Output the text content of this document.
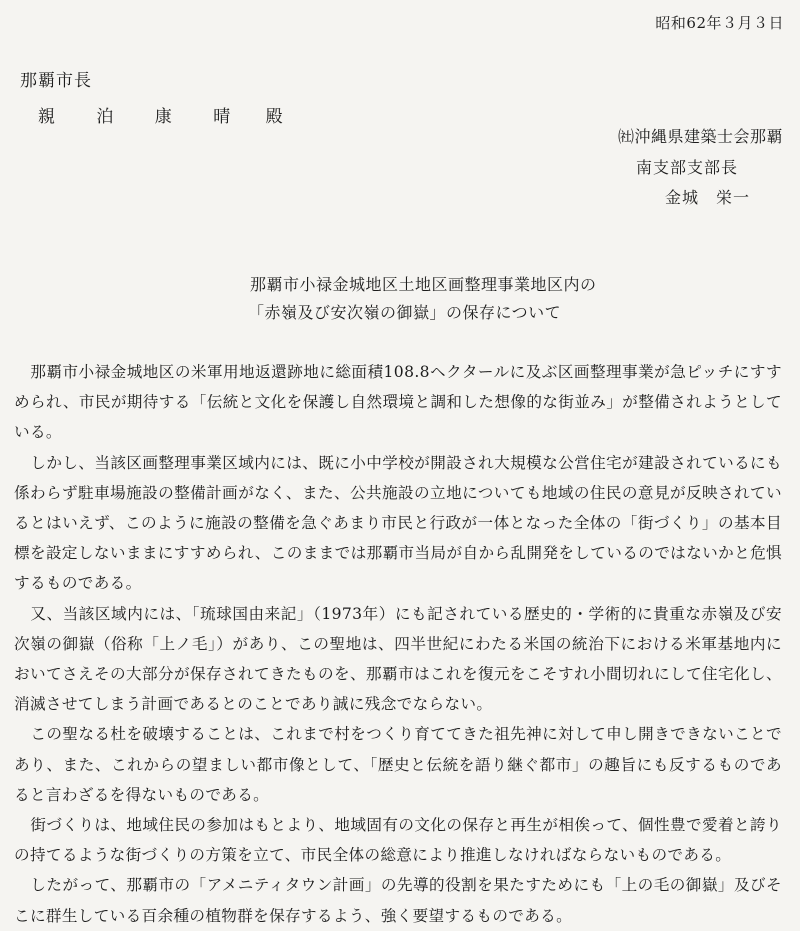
昭和62年３月３日
那覇市長
親 泊 康 晴 殿
㈳沖縄県建築士会那覇
南支部支部長
金城　栄一
那覇市小禄金城地区土地区画整理事業地区内の
「赤嶺及び安次嶺の御嶽」の保存について

那覇市小禄金城地区の米軍用地返還跡地に総面積108.8ヘクタールに及ぶ区画整理事業が急ピッチにすすめられ、市民が期待する「伝統と文化を保護し自然環境と調和した想像的な街並み」が整備されようとしている。

しかし、当該区画整理事業区域内には、既に小中学校が開設され大規模な公営住宅が建設されているにも係わらず駐車場施設の整備計画がなく、また、公共施設の立地についても地域の住民の意見が反映されているとはいえず、このように施設の整備を急ぐあまり市民と行政が一体となった全体の「街づくり」の基本目標を設定しないままにすすめられ、このままでは那覇市当局が自から乱開発をしているのではないかと危惧するものである。

又、当該区域内には、「琉球国由来記」（1973年）にも記されている歴史的・学術的に貴重な赤嶺及び安次嶺の御嶽（俗称「上ノ毛」）があり、この聖地は、四半世紀にわたる米国の統治下における米軍基地内においてさえその大部分が保存されてきたものを、那覇市はこれを復元をこそすれ小間切れにして住宅化し、消滅させてしまう計画であるとのことであり誠に残念でならない。

この聖なる杜を破壊することは、これまで村をつくり育ててきた祖先神に対して申し開きできないことであり、また、これからの望ましい都市像として、「歴史と伝統を語り継ぐ都市」の趣旨にも反するものであると言わざるを得ないものである。

街づくりは、地域住民の参加はもとより、地域固有の文化の保存と再生が相俟って、個性豊で愛着と誇りの持てるような街づくりの方策を立て、市民全体の総意により推進しなければならないものである。

したがって、那覇市の「アメニティタウン計画」の先導的役割を果たすためにも「上の毛の御嶽」及びそこに群生している百余種の植物群を保存するよう、強く要望するものである。
